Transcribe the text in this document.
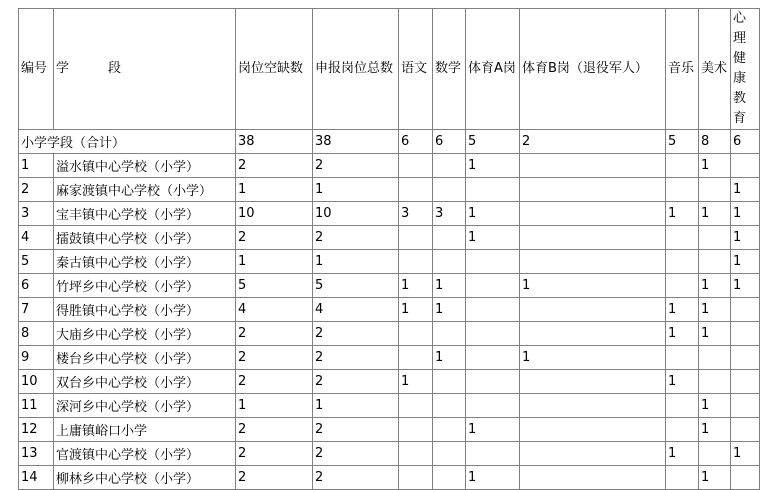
编号	学　　　段	岗位空缺数	申报岗位总数	语文	数学	体育A岗	体育B岗（退役军人）	音乐	美术	心理健康教育
小学学段（合计）		38	38	6	6	5	2	5	8	6
1	溢水镇中心学校（小学）	2	2			1			1	
2	麻家渡镇中心学校（小学）	1	1							1
3	宝丰镇中心学校（小学）	10	10	3	3	1		1	1	1
4	擂鼓镇中心学校（小学）	2	2			1				1
5	秦古镇中心学校（小学）	1	1							1
6	竹坪乡中心学校（小学）	5	5	1	1		1		1	1
7	得胜镇中心学校（小学）	4	4	1	1			1	1	
8	大庙乡中心学校（小学）	2	2					1	1	
9	楼台乡中心学校（小学）	2	2		1		1			
10	双台乡中心学校（小学）	2	2	1				1		
11	深河乡中心学校（小学）	1	1						1	
12	上庸镇峪口小学	2	2			1			1	
13	官渡镇中心学校（小学）	2	2					1		1
14	柳林乡中心学校（小学）	2	2			1			1	
